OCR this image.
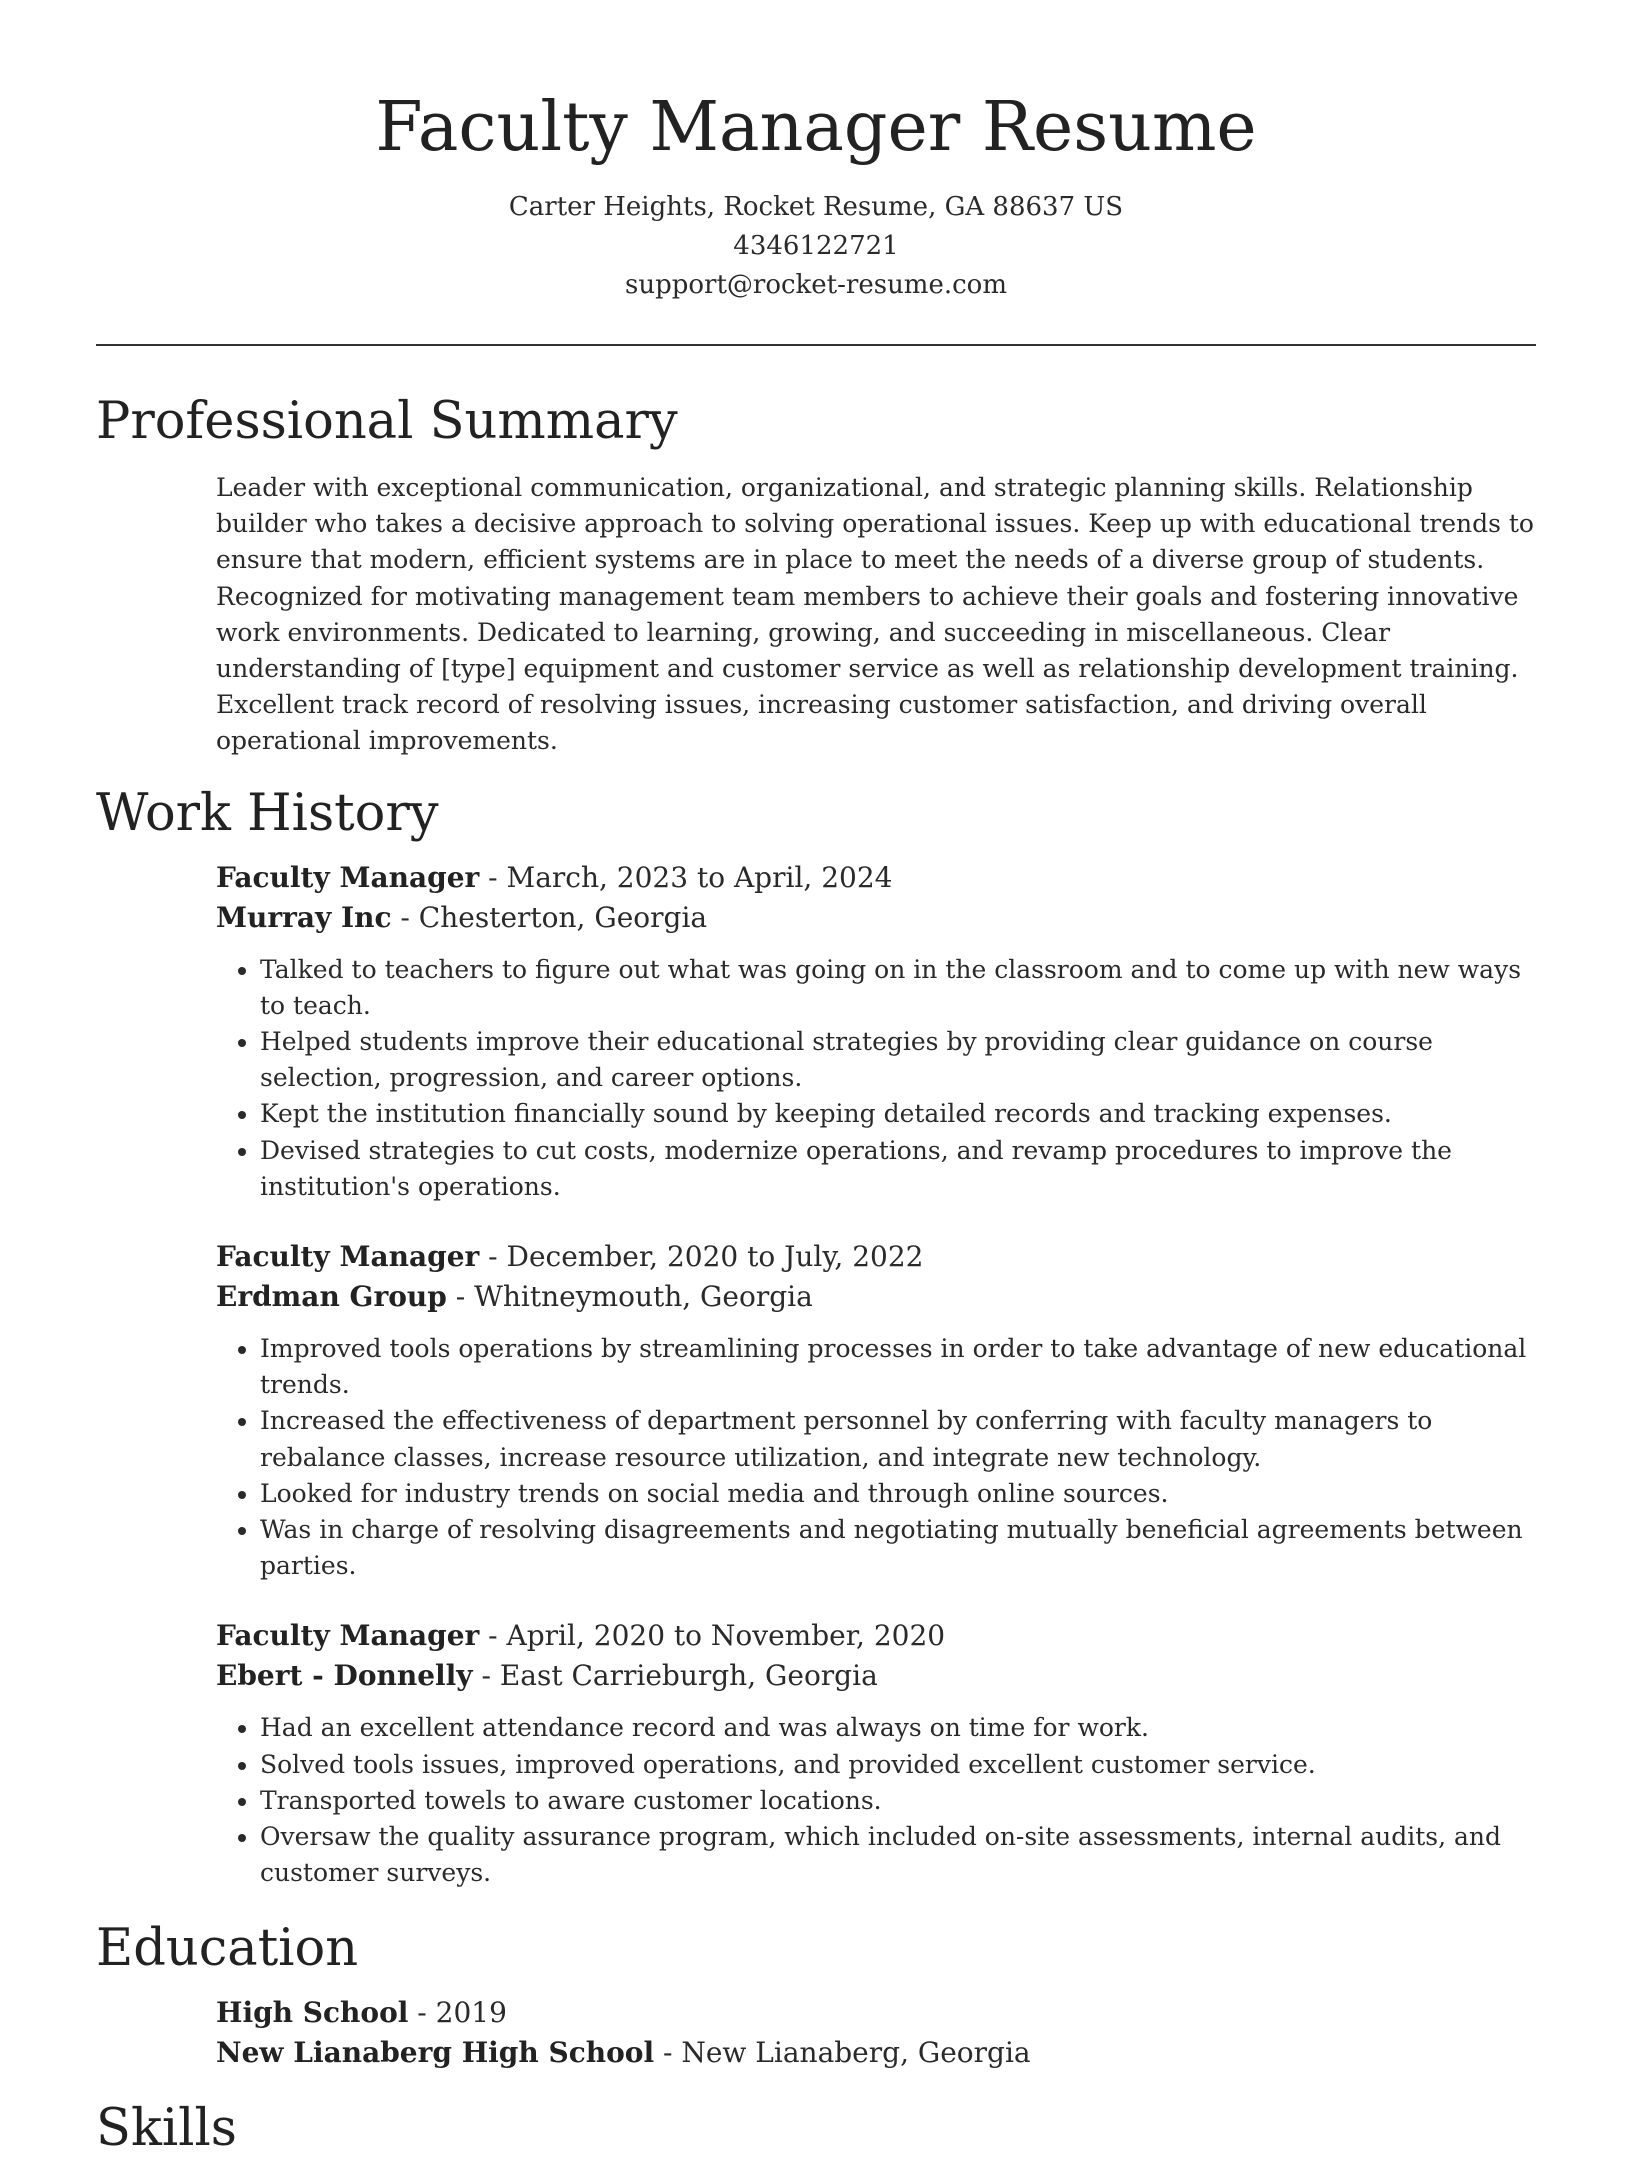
Faculty Manager Resume

Carter Heights, Rocket Resume, GA 88637 US

4346122721

support@rocket-resume.com

Professional Summary

Leader with exceptional communication, organizational, and strategic planning skills. Relationship builder who takes a decisive approach to solving operational issues. Keep up with educational trends to ensure that modern, efficient systems are in place to meet the needs of a diverse group of students. Recognized for motivating management team members to achieve their goals and fostering innovative work environments. Dedicated to learning, growing, and succeeding in miscellaneous. Clear understanding of [type] equipment and customer service as well as relationship development training. Excellent track record of resolving issues, increasing customer satisfaction, and driving overall operational improvements.

Work History

Faculty Manager - March, 2023 to April, 2024

Murray Inc - Chesterton, Georgia

• Talked to teachers to figure out what was going on in the classroom and to come up with new ways to teach.
• Helped students improve their educational strategies by providing clear guidance on course selection, progression, and career options.
• Kept the institution financially sound by keeping detailed records and tracking expenses.
• Devised strategies to cut costs, modernize operations, and revamp procedures to improve the institution's operations.

Faculty Manager - December, 2020 to July, 2022

Erdman Group - Whitneymouth, Georgia

• Improved tools operations by streamlining processes in order to take advantage of new educational trends.
• Increased the effectiveness of department personnel by conferring with faculty managers to rebalance classes, increase resource utilization, and integrate new technology.
• Looked for industry trends on social media and through online sources.
• Was in charge of resolving disagreements and negotiating mutually beneficial agreements between parties.

Faculty Manager - April, 2020 to November, 2020

Ebert - Donnelly - East Carrieburgh, Georgia

• Had an excellent attendance record and was always on time for work.
• Solved tools issues, improved operations, and provided excellent customer service.
• Transported towels to aware customer locations.
• Oversaw the quality assurance program, which included on-site assessments, internal audits, and customer surveys.
Education

High School - 2019

New Lianaberg High School - New Lianaberg, Georgia

Skills
